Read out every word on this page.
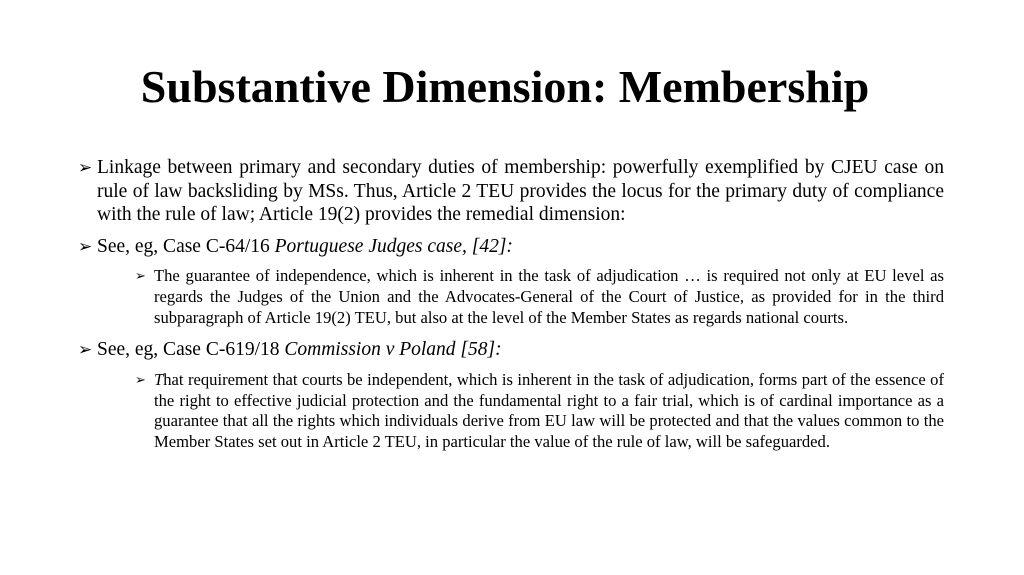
Substantive Dimension: Membership
➢ Linkage between primary and secondary duties of membership: powerfully exemplified by CJEU case on rule of law backsliding by MSs. Thus, Article 2 TEU provides the locus for the primary duty of compliance with the rule of law; Article 19(2) provides the remedial dimension:
➢ See, eg, Case C-64/16 Portuguese Judges case, [42]:
➢ The guarantee of independence, which is inherent in the task of adjudication … is required not only at EU level as regards the Judges of the Union and the Advocates-General of the Court of Justice, as provided for in the third subparagraph of Article 19(2) TEU, but also at the level of the Member States as regards national courts.
➢ See, eg, Case C-619/18 Commission v Poland [58]:
➢ That requirement that courts be independent, which is inherent in the task of adjudication, forms part of the essence of the right to effective judicial protection and the fundamental right to a fair trial, which is of cardinal importance as a guarantee that all the rights which individuals derive from EU law will be protected and that the values common to the Member States set out in Article 2 TEU, in particular the value of the rule of law, will be safeguarded.
